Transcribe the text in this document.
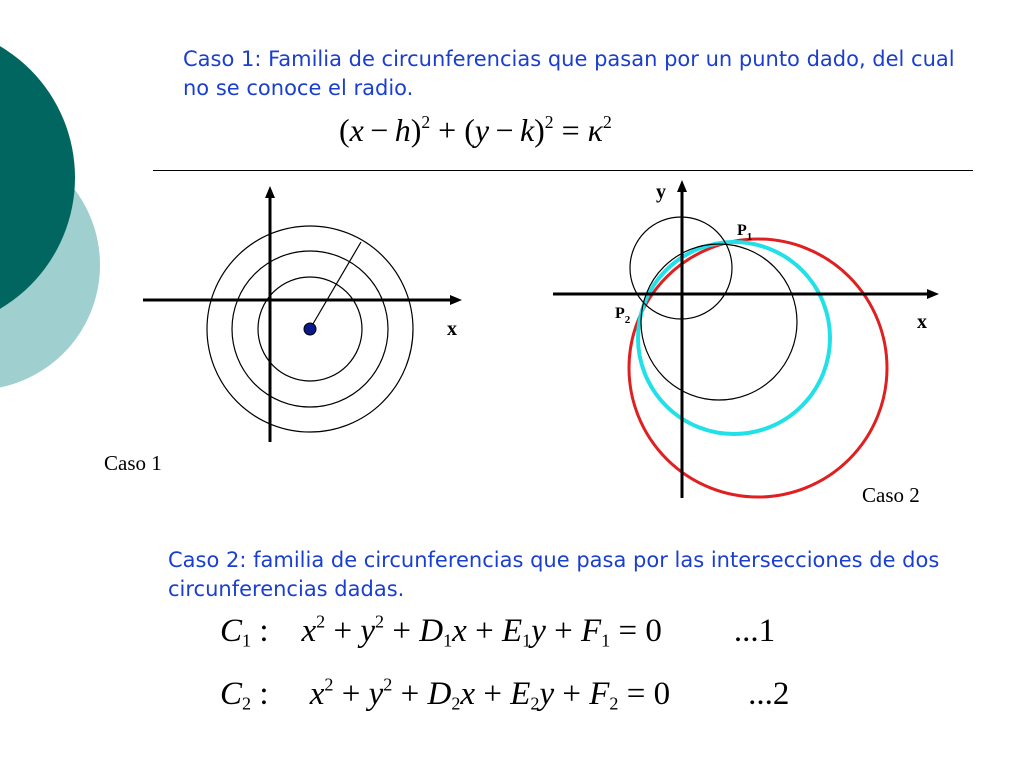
Caso 1: Familia de circunferencias que pasan por un punto dado, del cual no se conoce el radio.

$(x - h)^2 + (y - k)^2 = \kappa^2$
x
Caso 1
y
x
$P_1$
$P_2$
Caso 2

Caso 2: familia de circunferencias que pasa por las intersecciones de dos circunferencias dadas.

$C_1$ :    $x^2 + y^2 + D_1x + E_1y + F_1 = 0$ ...1
$C_2$ :     $x^2 + y^2 + D_2x + E_2y + F_2 = 0$ ...2
